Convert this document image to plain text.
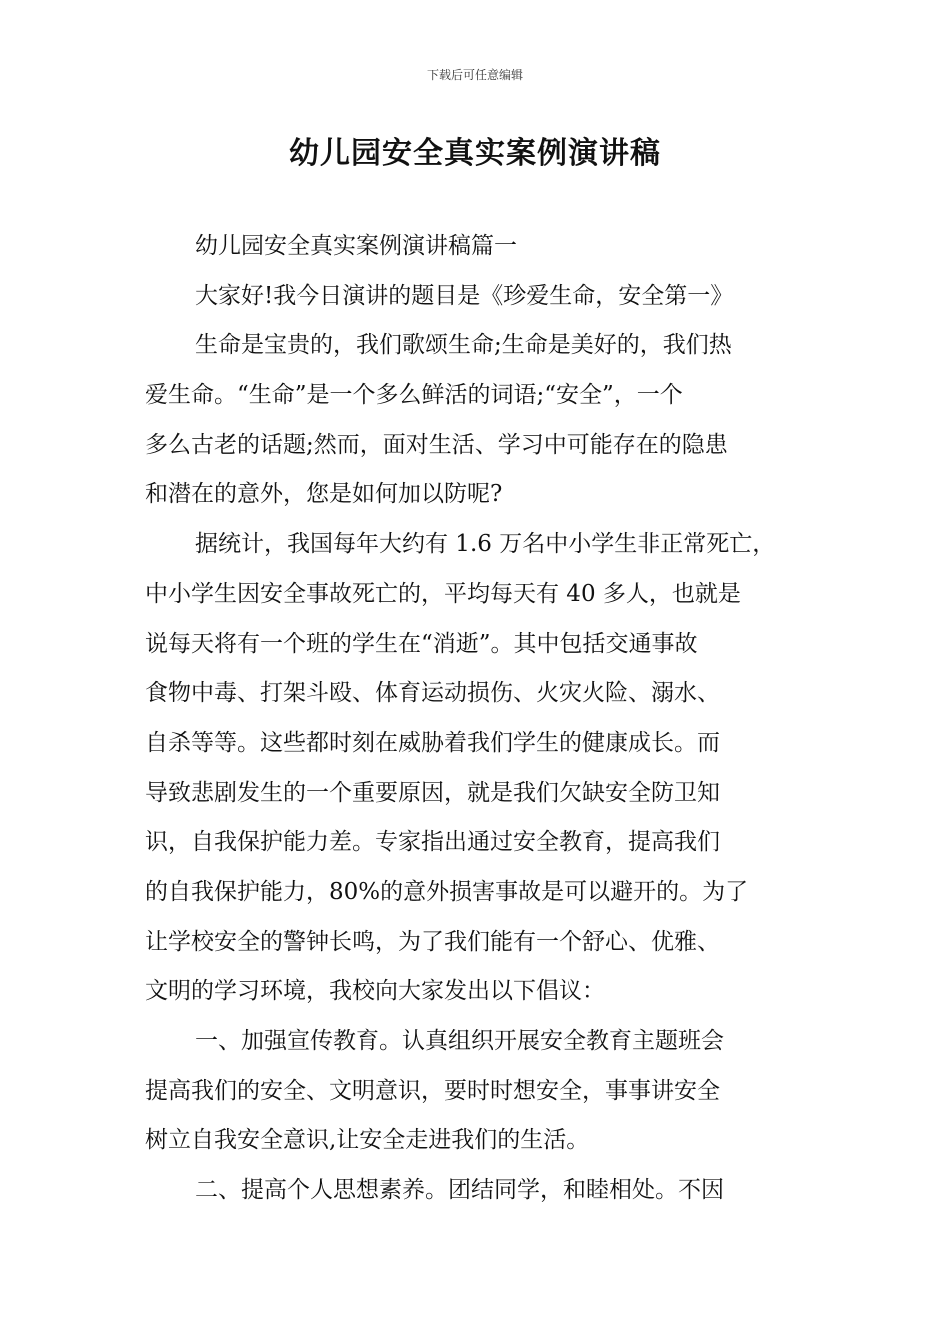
下载后可任意编辑
幼儿园安全真实案例演讲稿
幼儿园安全真实案例演讲稿篇一
大家好!我今日演讲的题目是《珍爱生命，安全第一》
生命是宝贵的，我们歌颂生命;生命是美好的，我们热
爱生命。“生命”是一个多么鲜活的词语;“安全”，一个
多么古老的话题;然而，面对生活、学习中可能存在的隐患
和潜在的意外，您是如何加以防呢?
据统计，我国每年大约有 1.6 万名中小学生非正常死亡，
中小学生因安全事故死亡的，平均每天有 40 多人，也就是
说每天将有一个班的学生在“消逝”。其中包括交通事故
食物中毒、打架斗殴、体育运动损伤、火灾火险、溺水、
自杀等等。这些都时刻在威胁着我们学生的健康成长。而
导致悲剧发生的一个重要原因，就是我们欠缺安全防卫知
识，自我保护能力差。专家指出通过安全教育，提高我们
的自我保护能力，80%的意外损害事故是可以避开的。为了
让学校安全的警钟长鸣，为了我们能有一个舒心、优雅、
文明的学习环境，我校向大家发出以下倡议：
一、加强宣传教育。认真组织开展安全教育主题班会
提高我们的安全、文明意识，要时时想安全，事事讲安全
树立自我安全意识,让安全走进我们的生活。
二、提高个人思想素养。团结同学，和睦相处。不因
